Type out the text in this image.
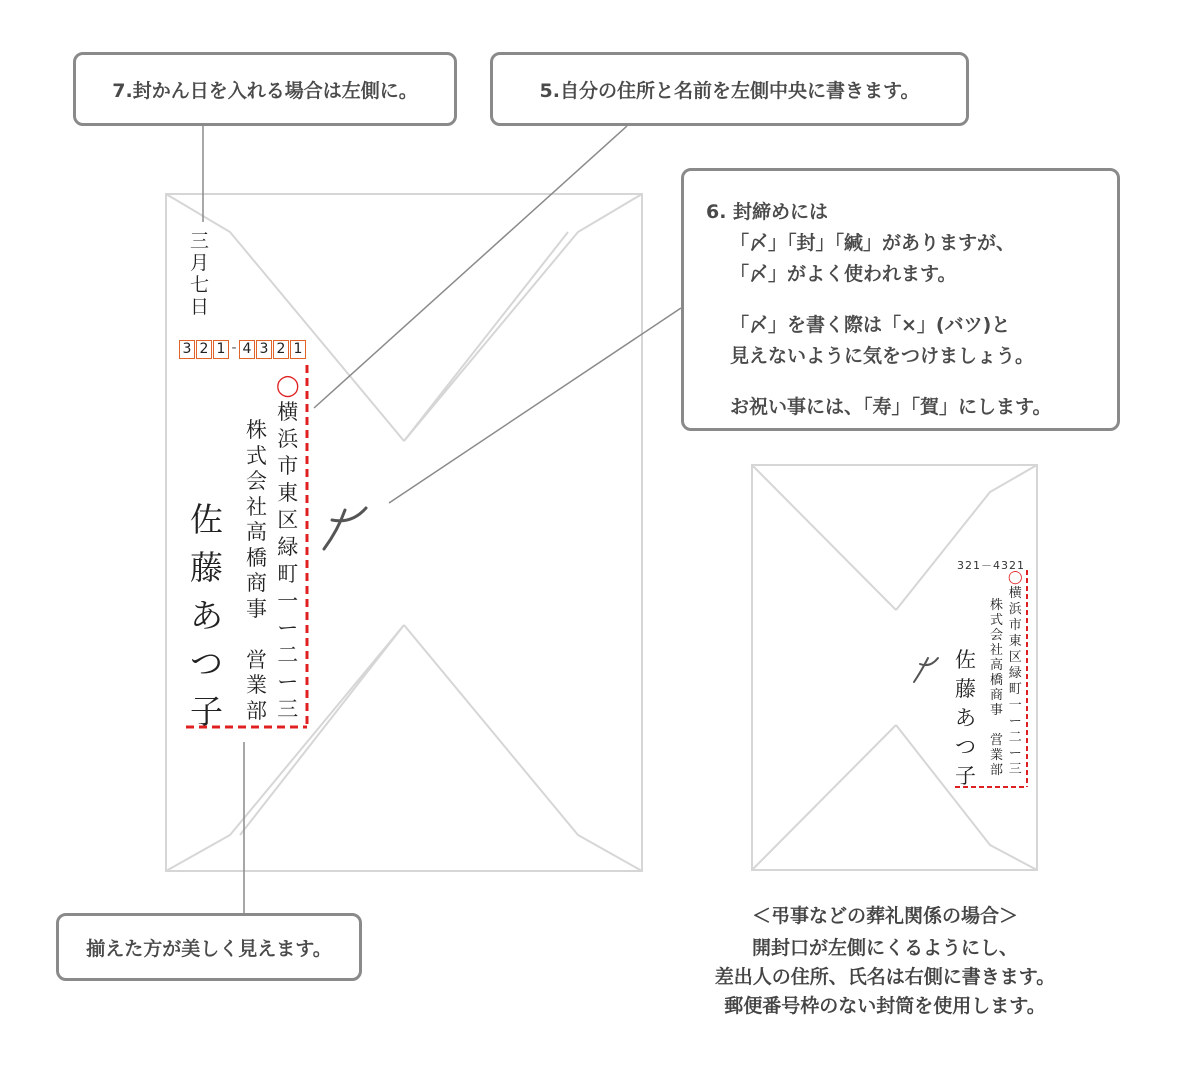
7.封かん日を入れる場合は左側に。	5.自分の住所と名前を左側中央に書きます。

6. 封締めには

「〆」「封」「緘」がありますが、

「〆」がよく使われます。

「〆」を書く際は「×」(バツ)と

見えないように気をつけましょう。

お祝い事には、「寿」「賀」にします。

揃えた方が美しく見えます。
三
月
七
日
3 2 1 - 4 3 2 1
◯
横
浜
市
東
区
緑
町
一
ー
二
ー
三
株
式
会
社
高
橋
商
事

営
業
部
佐
藤
あ
つ
子
321－4321
◯
横
浜
市
東
区
緑
町
一
ー
二
ー
三
株
式
会
社
高
橋
商
事

営
業
部
佐
藤
あ
つ
子
＜弔事などの葬礼関係の場合＞
開封口が左側にくるようにし、
差出人の住所、氏名は右側に書きます。
郵便番号枠のない封筒を使用します。
